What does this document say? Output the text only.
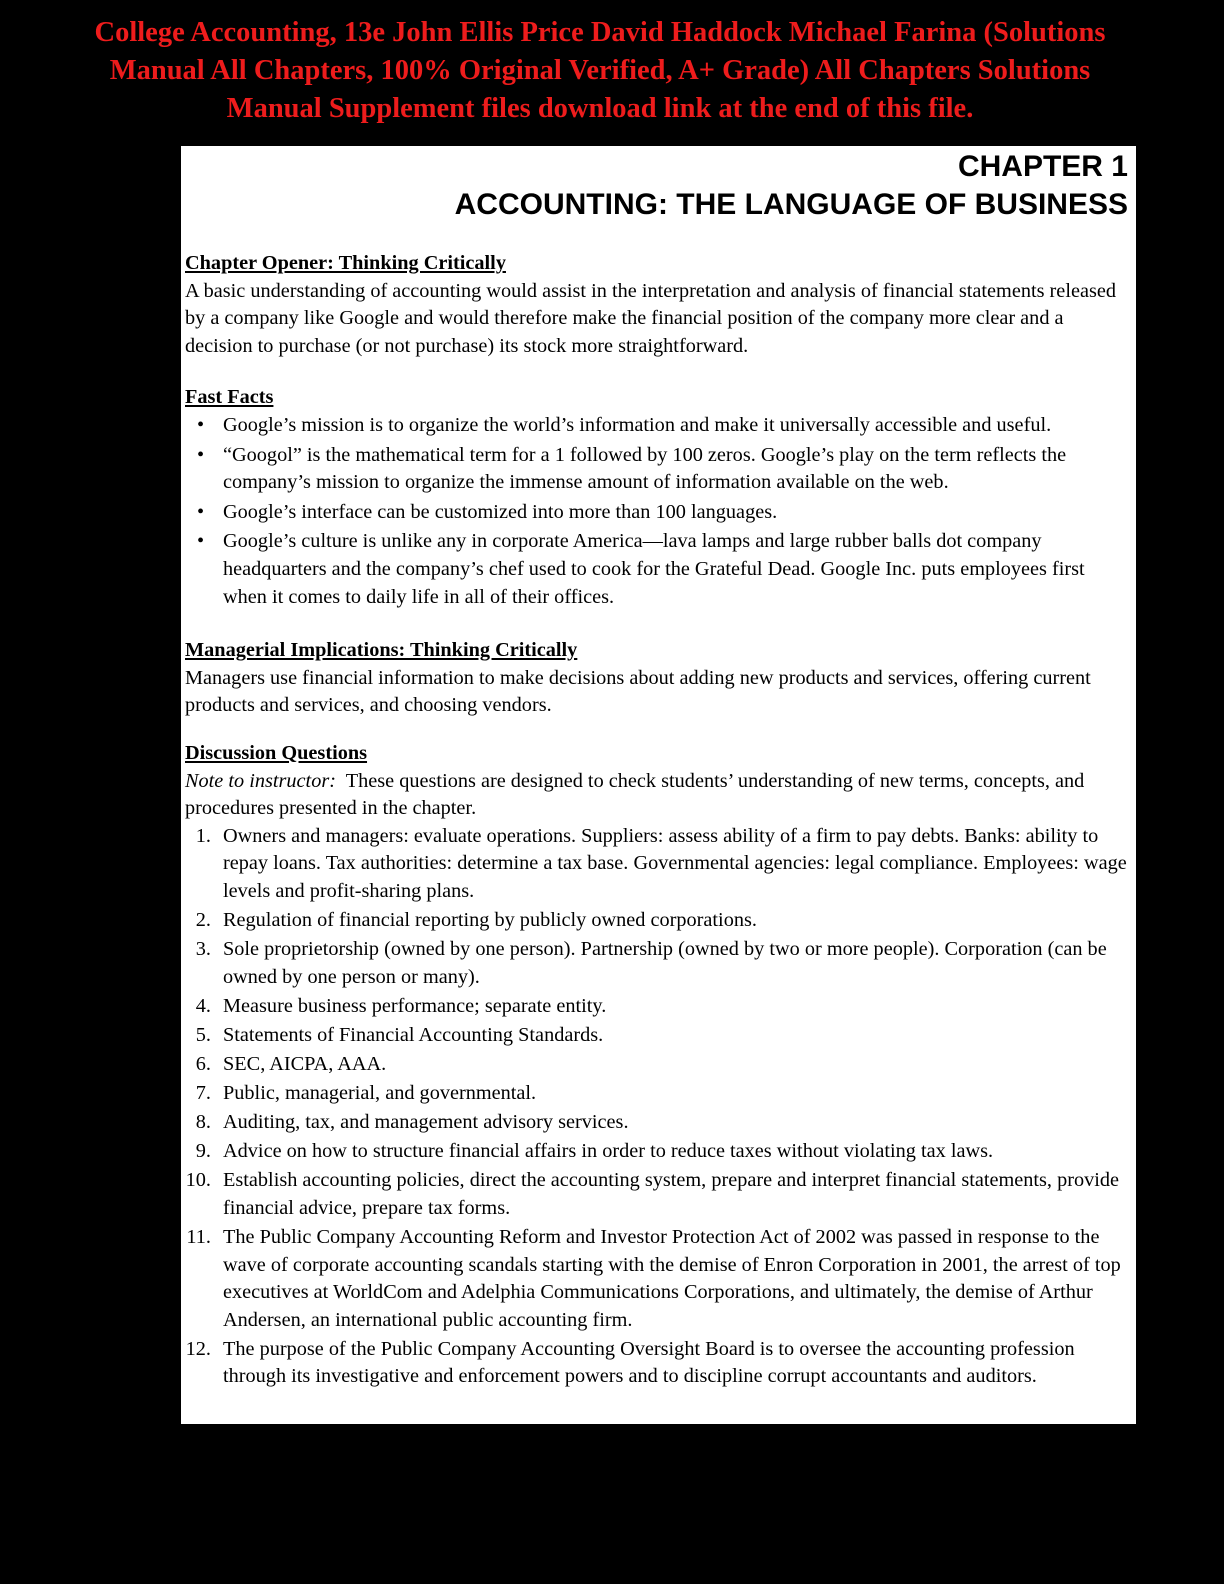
College Accounting, 13e John Ellis Price David Haddock Michael Farina (Solutions
Manual All Chapters, 100% Original Verified, A+ Grade) All Chapters Solutions
Manual Supplement files download link at the end of this file.
CHAPTER 1
ACCOUNTING: THE LANGUAGE OF BUSINESS
Chapter Opener: Thinking Critically

A basic understanding of accounting would assist in the interpretation and analysis of financial statements released by a company like Google and would therefore make the financial position of the company more clear and a decision to purchase (or not purchase) its stock more straightforward.

Fast Facts
• Google’s mission is to organize the world’s information and make it universally accessible and useful.
• “Googol” is the mathematical term for a 1 followed by 100 zeros. Google’s play on the term reflects the company’s mission to organize the immense amount of information available on the web.
• Google’s interface can be customized into more than 100 languages.
• Google’s culture is unlike any in corporate America—lava lamps and large rubber balls dot company headquarters and the company’s chef used to cook for the Grateful Dead. Google Inc. puts employees first when it comes to daily life in all of their offices.
Managerial Implications: Thinking Critically

Managers use financial information to make decisions about adding new products and services, offering current products and services, and choosing vendors.

Discussion Questions

Note to instructor:  These questions are designed to check students’ understanding of new terms, concepts, and procedures presented in the chapter.

1. Owners and managers: evaluate operations. Suppliers: assess ability of a firm to pay debts. Banks: ability to repay loans. Tax authorities: determine a tax base. Governmental agencies: legal compliance. Employees: wage levels and profit-sharing plans.
2. Regulation of financial reporting by publicly owned corporations.
3. Sole proprietorship (owned by one person). Partnership (owned by two or more people). Corporation (can be owned by one person or many).
4. Measure business performance; separate entity.
5. Statements of Financial Accounting Standards.
6. SEC, AICPA, AAA.
7. Public, managerial, and governmental.
8. Auditing, tax, and management advisory services.
9. Advice on how to structure financial affairs in order to reduce taxes without violating tax laws.
10. Establish accounting policies, direct the accounting system, prepare and interpret financial statements, provide financial advice, prepare tax forms.
11. The Public Company Accounting Reform and Investor Protection Act of 2002 was passed in response to the wave of corporate accounting scandals starting with the demise of Enron Corporation in 2001, the arrest of top executives at WorldCom and Adelphia Communications Corporations, and ultimately, the demise of Arthur Andersen, an international public accounting firm.
12. The purpose of the Public Company Accounting Oversight Board is to oversee the accounting profession through its investigative and enforcement powers and to discipline corrupt accountants and auditors.
